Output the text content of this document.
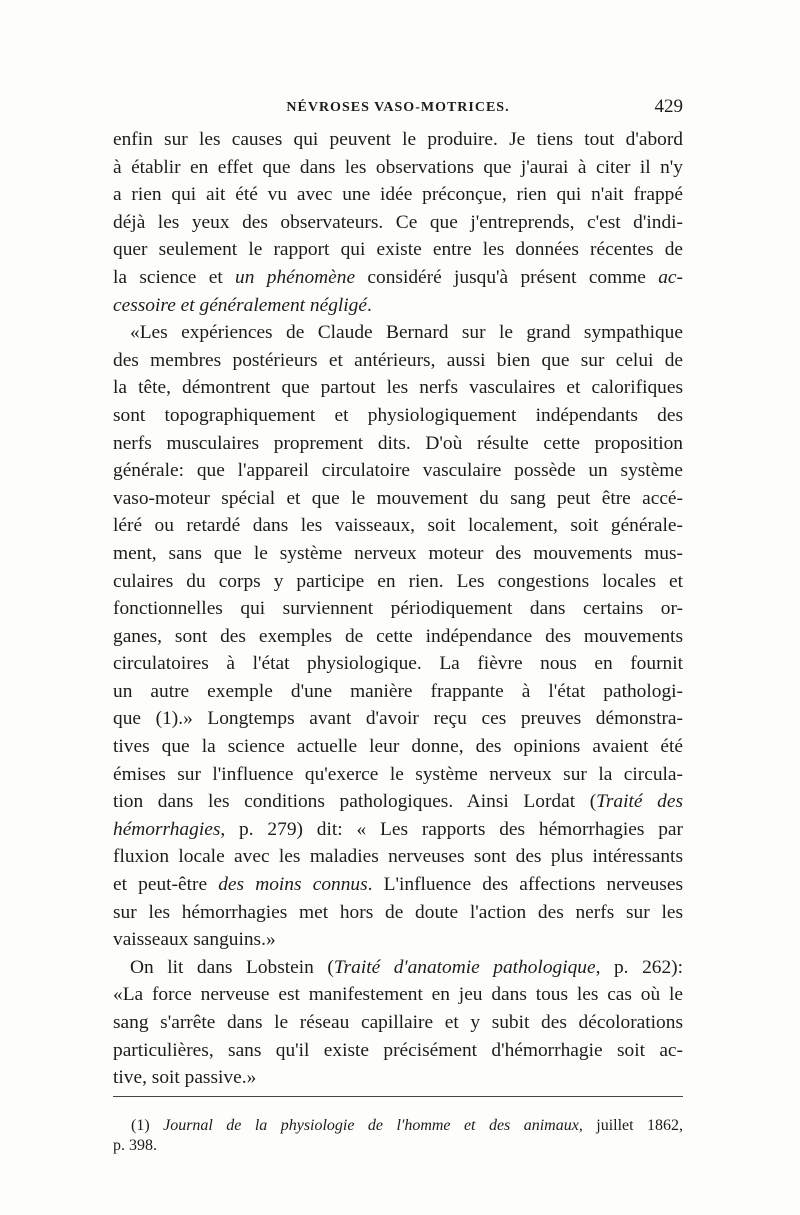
NÉVROSES VASO-MOTRICES.	429
enfin sur les causes qui peuvent le produire. Je tiens tout d'abord
à établir en effet que dans les observations que j'aurai à citer il n'y
a rien qui ait été vu avec une idée préconçue, rien qui n'ait frappé
déjà les yeux des observateurs. Ce que j'entreprends, c'est d'indi-
quer seulement le rapport qui existe entre les données récentes de
la science et un phénomène considéré jusqu'à présent comme ac-
cessoire et généralement négligé.
«Les expériences de Claude Bernard sur le grand sympathique
des membres postérieurs et antérieurs, aussi bien que sur celui de
la tête, démontrent que partout les nerfs vasculaires et calorifiques
sont topographiquement et physiologiquement indépendants des
nerfs musculaires proprement dits. D'où résulte cette proposition
générale: que l'appareil circulatoire vasculaire possède un système
vaso-moteur spécial et que le mouvement du sang peut être accé-
léré ou retardé dans les vaisseaux, soit localement, soit générale-
ment, sans que le système nerveux moteur des mouvements mus-
culaires du corps y participe en rien. Les congestions locales et
fonctionnelles qui surviennent périodiquement dans certains or-
ganes, sont des exemples de cette indépendance des mouvements
circulatoires à l'état physiologique. La fièvre nous en fournit
un autre exemple d'une manière frappante à l'état pathologi-
que (1).» Longtemps avant d'avoir reçu ces preuves démonstra-
tives que la science actuelle leur donne, des opinions avaient été
émises sur l'influence qu'exerce le système nerveux sur la circula-
tion dans les conditions pathologiques. Ainsi Lordat (Traité des
hémorrhagies, p. 279) dit: « Les rapports des hémorrhagies par
fluxion locale avec les maladies nerveuses sont des plus intéressants
et peut-être des moins connus. L'influence des affections nerveuses
sur les hémorrhagies met hors de doute l'action des nerfs sur les
vaisseaux sanguins.»
On lit dans Lobstein (Traité d'anatomie pathologique, p. 262):
«La force nerveuse est manifestement en jeu dans tous les cas où le
sang s'arrête dans le réseau capillaire et y subit des décolorations
particulières, sans qu'il existe précisément d'hémorrhagie soit ac-
tive, soit passive.»
(1) Journal de la physiologie de l'homme et des animaux, juillet 1862,
p. 398.
